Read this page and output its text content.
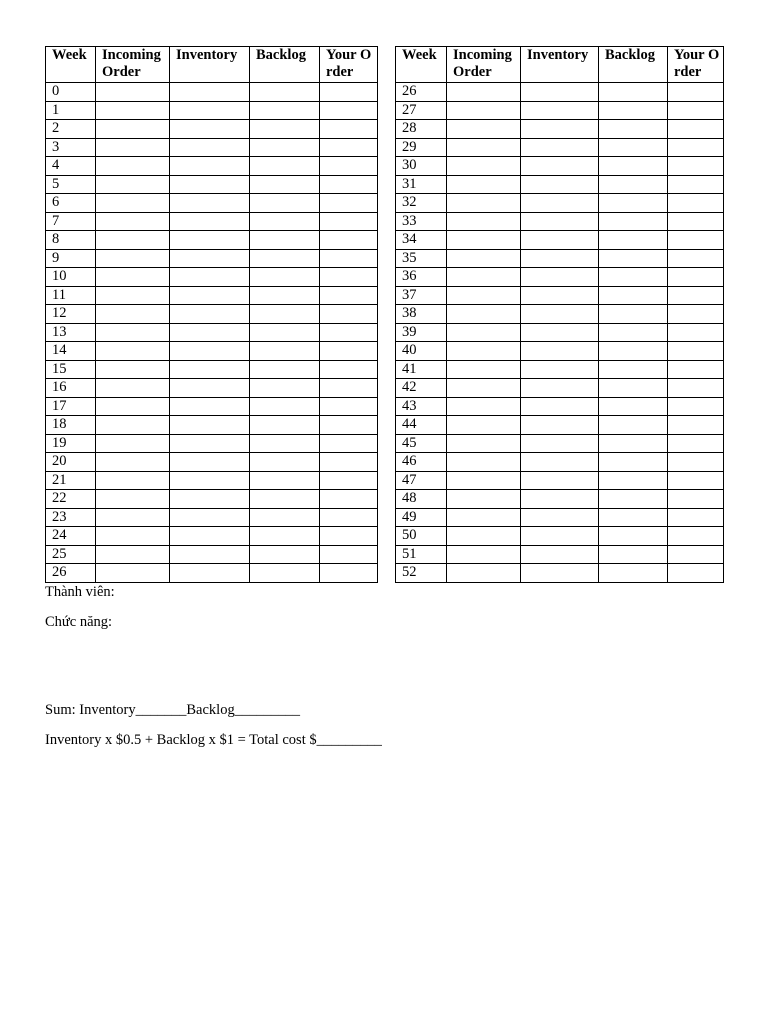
Week	Incoming Order	Inventory	Backlog	Your Order
0				
1				
2				
3				
4				
5				
6				
7				
8				
9				
10				
11				
12				
13				
14				
15				
16				
17				
18				
19				
20				
21				
22				
23				
24				
25				
26				
Week	Incoming Order	Inventory	Backlog	Your Order
26				
27				
28				
29				
30				
31				
32				
33				
34				
35				
36				
37				
38				
39				
40				
41				
42				
43				
44				
45				
46				
47				
48				
49				
50				
51				
52				
Thành viên:
Chức năng:
Sum: Inventory_______Backlog_________
Inventory x $0.5 + Backlog x $1 = Total cost $_________
